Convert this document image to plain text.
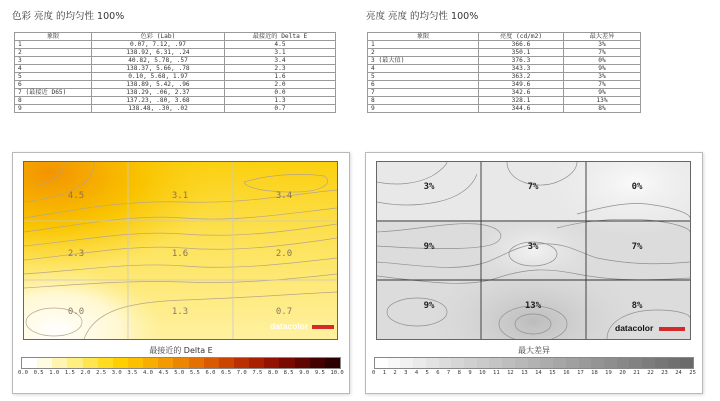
色彩 亮度 的均匀性 100%
象限	色彩 (Lab)	最接近的 Delta E
1	0.07, 7.12, .97	4.5
2	138.92, 6.31, .24	3.1
3	40.82, 5.78, .57	3.4
4	138.37, 5.66, .78	2.3
5	0.10, 5.68, 1.97	1.6
6	138.89, 5.42, .96	2.0
7 (最接近 D65)	138.29, .06, 2.37	0.0
8	137.23, .80, 3.68	1.3
9	138.48, .30, .02	0.7
4.5	3.1	3.4
2.3	1.6	2.0
0.0	1.3	0.7
datacolor
最接近的 Delta E
0.0 0.5 1.0 1.5 2.0 2.5 3.0 3.5 4.0 4.5 5.0 5.5 6.0 6.5 7.0 7.5 8.0 8.5 9.0 9.5 10.0
亮度 亮度 的均匀性 100%
象限	亮度 (cd/m2)	最大差异	
1	366.6	3%	
2	350.1	7%	
3 (最大值)	376.3	0%	
4	343.3	9%	
5	363.2	3%	
6	349.6	7%	
7	342.6	9%	
8	328.1	13%	
9	344.6	8%	
3%	7%	0%
9%	3%	7%
9%	13%	8%
datacolor
最大差异
0 1 2 3 4 5 6 7 8 9 10 11 12 13 14 15 16 17 18 19 20 21 22 23 24 25
